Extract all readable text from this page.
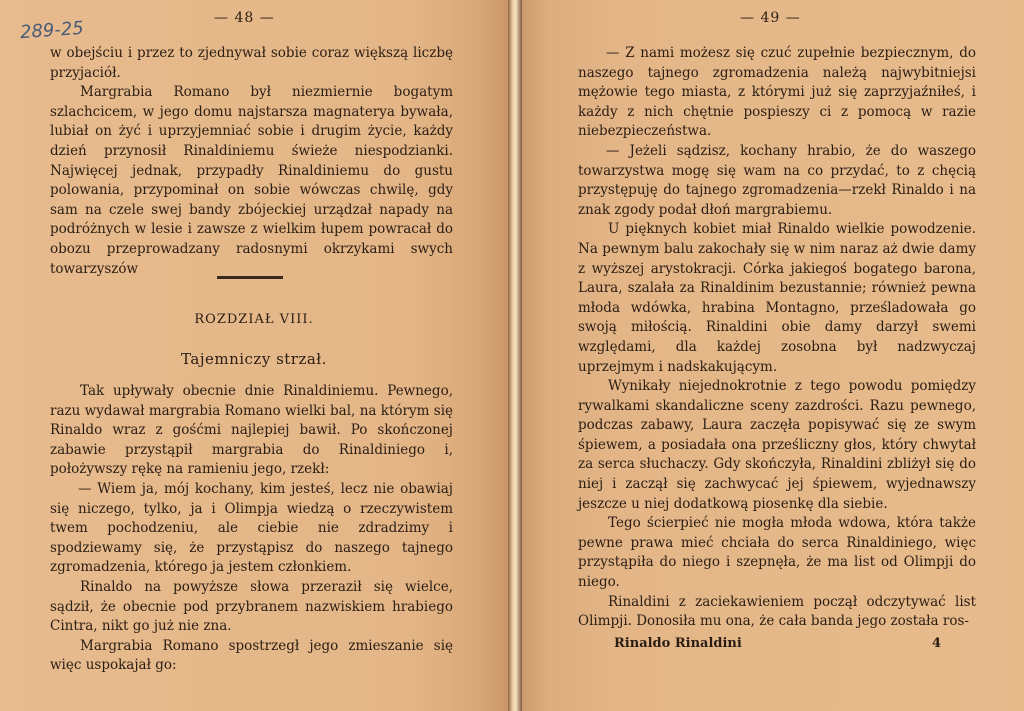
289-25	— 48 —

w obejściu i przez to zjednywał sobie coraz większą liczbę przyjaciół.

Margrabia Romano był niezmiernie bogatym szlachcicem, w jego domu najstarsza magnaterya bywała, lubiał on żyć i uprzyjemniać sobie i drugim życie, każdy dzień przynosił Rinaldiniemu świeże niespodzianki. Najwięcej jednak, przypadły Rinaldiniemu do gustu polowania, przypominał on sobie wówczas chwilę, gdy sam na czele swej bandy zbójeckiej urządzał napady na podróżnych w lesie i zawsze z wielkim łupem powracał do obozu przeprowadzany radosnymi okrzykami swych towarzyszów

ROZDZIAŁ VIII.
Tajemniczy strzał.

Tak upływały obecnie dnie Rinaldiniemu. Pewnego, razu wydawał margrabia Romano wielki bal, na którym się Rinaldo wraz z gośćmi najlepiej bawił. Po skończonej zabawie przystąpił margrabia do Rinaldiniego i, położywszy rękę na ramieniu jego, rzekł:

— Wiem ja, mój kochany, kim jesteś, lecz nie obawiaj się niczego, tylko, ja i Olimpja wiedzą o rzeczywistem twem pochodzeniu, ale ciebie nie zdradzimy i spodziewamy się, że przystąpisz do naszego tajnego zgromadzenia, którego ja jestem członkiem.

Rinaldo na powyższe słowa przeraził się wielce, sądził, że obecnie pod przybranem nazwiskiem hrabiego Cintra, nikt go już nie zna.

Margrabia Romano spostrzegł jego zmieszanie się więc uspokajał go:

— 49 —

— Z nami możesz się czuć zupełnie bezpiecznym, do naszego tajnego zgromadzenia należą najwybitniejsi mężowie tego miasta, z którymi już się zaprzyjaźniłeś, i każdy z nich chętnie pospieszy ci z pomocą w razie niebezpieczeństwa.

— Jeżeli sądzisz, kochany hrabio, że do waszego towarzystwa mogę się wam na co przydać, to z chęcią przystępuję do tajnego zgromadzenia—rzekł Rinaldo i na znak zgody podał dłoń margrabiemu.

U pięknych kobiet miał Rinaldo wielkie powodzenie. Na pewnym balu zakochały się w nim naraz aż dwie damy z wyższej arystokracji. Córka jakiegoś bogatego barona, Laura, szalała za Rinaldinim bezustannie; również pewna młoda wdówka, hrabina Montagno, prześladowała go swoją miłością. Rinaldini obie damy darzył swemi względami, dla każdej zosobna był nadzwyczaj uprzejmym i nadskakującym.

Wynikały niejednokrotnie z tego powodu pomiędzy rywalkami skandaliczne sceny zazdrości. Razu pewnego, podczas zabawy, Laura zaczęła popisywać się ze swym śpiewem, a posiadała ona prześliczny głos, który chwytał za serca słuchaczy. Gdy skończyła, Rinaldini zbliżył się do niej i zaczął się zachwycać jej śpiewem, wyjednawszy jeszcze u niej dodatkową piosenkę dla siebie.

Tego ścierpieć nie mogła młoda wdowa, która także pewne prawa mieć chciała do serca Rinaldiniego, więc przystąpiła do niego i szepnęła, że ma list od Olimpji do niego.

Rinaldini z zaciekawieniem począł odczytywać list Olimpji. Donosiła mu ona, że cała banda jego została ros-

Rinaldo Rinaldini	4
